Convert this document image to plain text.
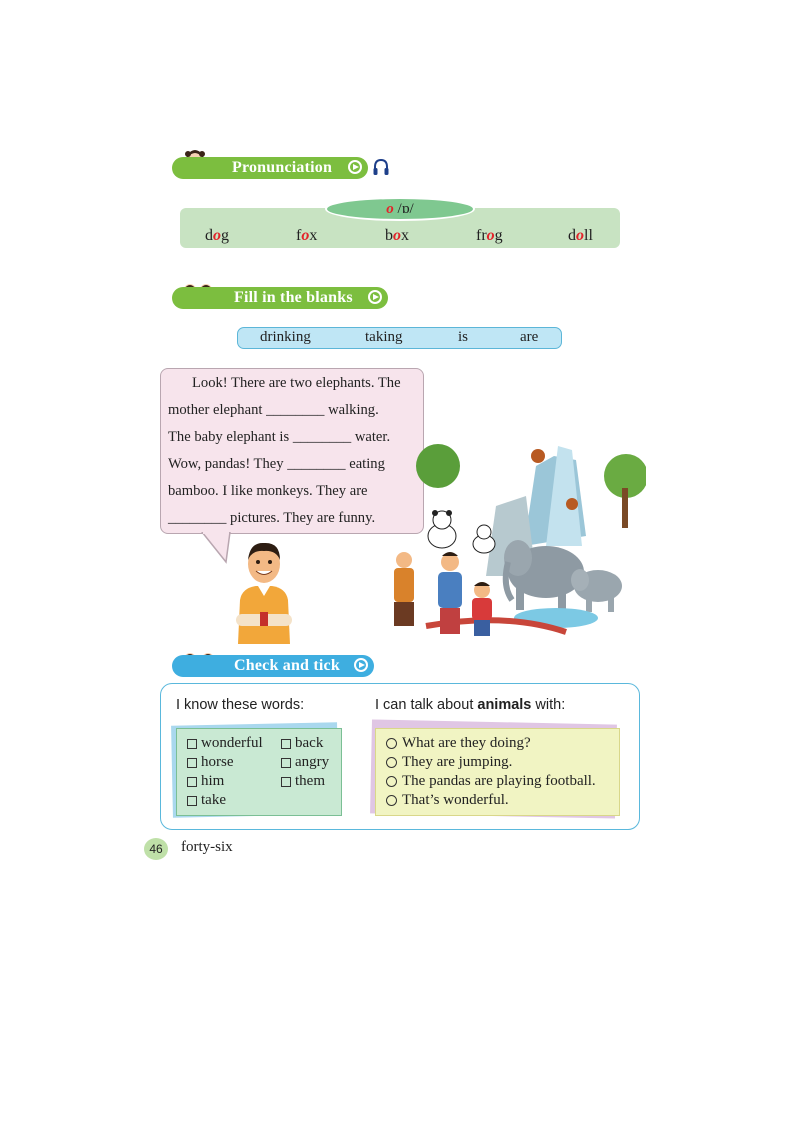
Pronunciation
o /ɒ/
dog	fox	box	frog	doll
Fill in the blanks
drinking	taking	is	are
Look! There are two elephants. The
mother elephant ________ walking.
The baby elephant is ________ water.
Wow, pandas! They ________ eating
bamboo. I like monkeys. They are
________ pictures. They are funny.
Check and tick
I know these words:	I can talk about animals with:
wonderful back
horse	angry
him	them
take
What are they doing?
They are jumping.
The pandas are playing football.
That’s wonderful.
46	forty-six
